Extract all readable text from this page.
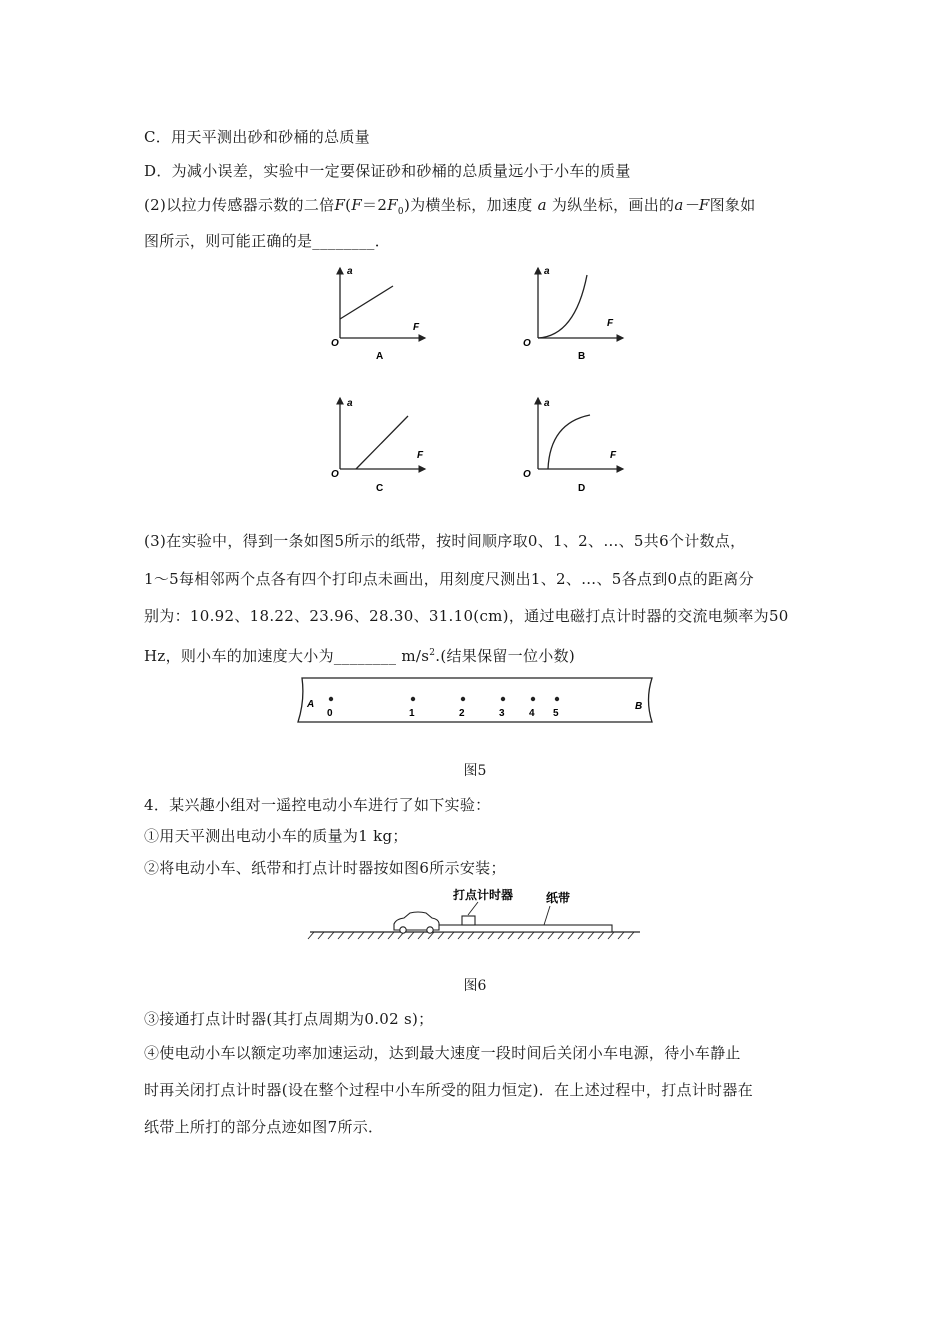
C．用天平测出砂和砂桶的总质量
D．为减小误差，实验中一定要保证砂和砂桶的总质量远小于小车的质量
(2)以拉力传感器示数的二倍$F(F=2F_0)$为横坐标，加速度 a 为纵坐标，画出的a－F图象如
图所示，则可能正确的是________．
a
F
O
A
a
F
O
B
a
F
O
C
a
F
O
D
(3)在实验中，得到一条如图5所示的纸带，按时间顺序取0、1、2、…、5共6个计数点，
1～5每相邻两个点各有四个打印点未画出，用刻度尺测出1、2、…、5各点到0点的距离分
别为：10.92、18.22、23.96、28.30、31.10(cm)，通过电磁打点计时器的交流电频率为50
Hz，则小车的加速度大小为________ $m/s^2$.(结果保留一位小数)
A	B
0	1	2	3 4 5
图5
4．某兴趣小组对一遥控电动小车进行了如下实验：
①用天平测出电动小车的质量为1 kg；
②将电动小车、纸带和打点计时器按如图6所示安装；
打点计时器	纸带
图6
③接通打点计时器(其打点周期为0.02 s)；
④使电动小车以额定功率加速运动，达到最大速度一段时间后关闭小车电源，待小车静止
时再关闭打点计时器(设在整个过程中小车所受的阻力恒定)．在上述过程中，打点计时器在
纸带上所打的部分点迹如图7所示．
